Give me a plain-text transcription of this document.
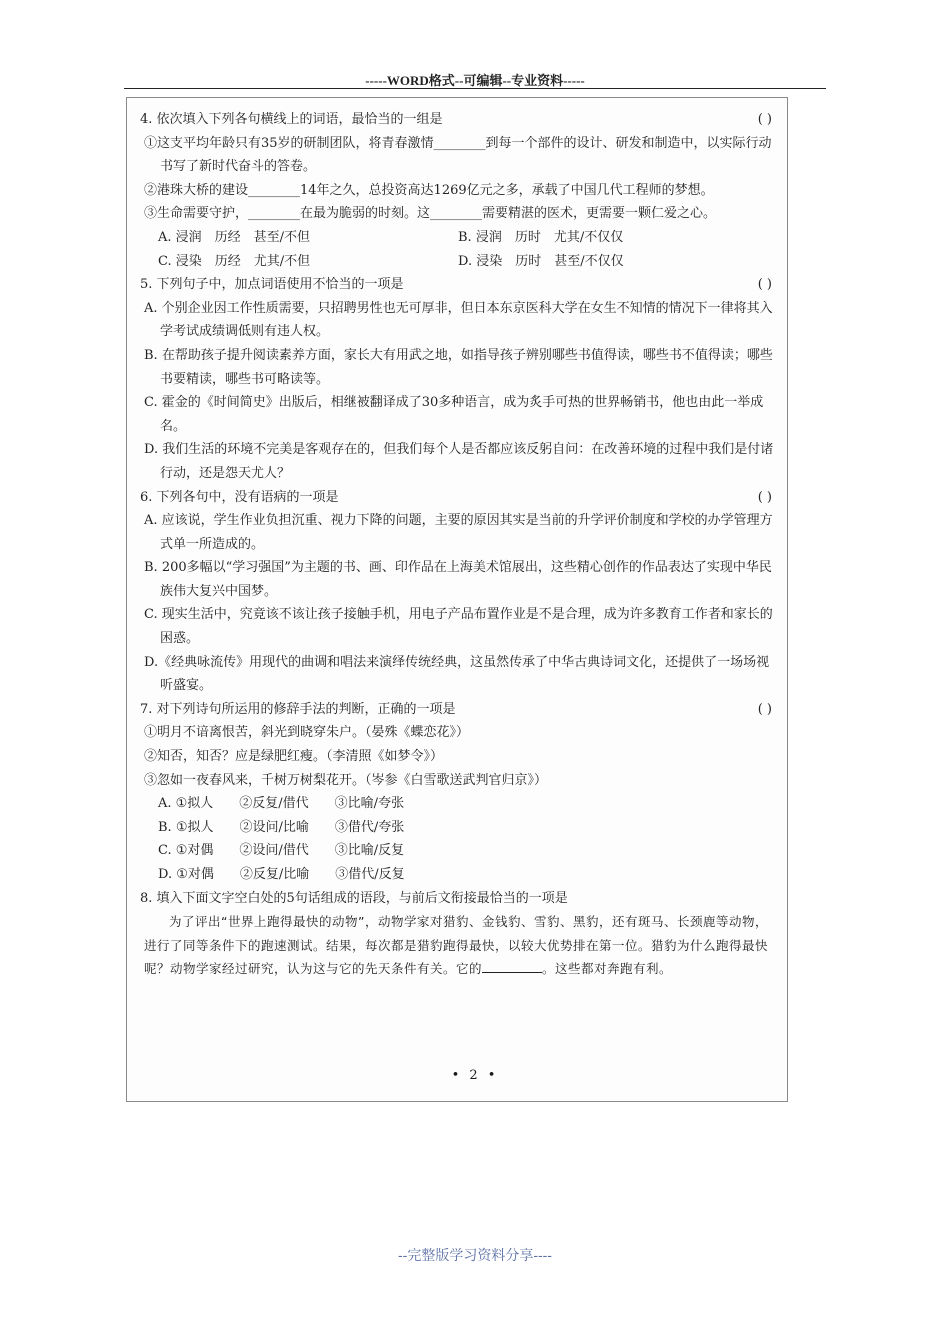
-----WORD格式--可编辑--专业资料-----
4. 依次填入下列各句横线上的词语，最恰当的一组是	( )
①这支平均年龄只有35岁的研制团队，将青春激情________到每一个部件的设计、研发和制造中，以实际行动书写了新时代奋斗的答卷。
②港珠大桥的建设________14年之久，总投资高达1269亿元之多，承载了中国几代工程师的梦想。
③生命需要守护，________在最为脆弱的时刻。这________需要精湛的医术，更需要一颗仁爱之心。
A. 浸润　历经　甚至/不但	B. 浸润　历时　尤其/不仅仅
C. 浸染　历经　尤其/不但	D. 浸染　历时　甚至/不仅仅
5. 下列句子中，加点词语使用不恰当的一项是	( )
A. 个别企业因工作性质需要，只招聘男性也无可厚非，但日本东京医科大学在女生不知情的情况下一律将其入学考试成绩调低则有违人权。
B. 在帮助孩子提升阅读素养方面，家长大有用武之地，如指导孩子辨别哪些书值得读，哪些书不值得读；哪些书要精读，哪些书可略读等。
C. 霍金的《时间简史》出版后，相继被翻译成了30多种语言，成为炙手可热的世界畅销书，他也由此一举成名。
D. 我们生活的环境不完美是客观存在的，但我们每个人是否都应该反躬自问：在改善环境的过程中我们是付诸行动，还是怨天尤人？
6. 下列各句中，没有语病的一项是	( )
A. 应该说，学生作业负担沉重、视力下降的问题，主要的原因其实是当前的升学评价制度和学校的办学管理方式单一所造成的。
B. 200多幅以“学习强国”为主题的书、画、印作品在上海美术馆展出，这些精心创作的作品表达了实现中华民族伟大复兴中国梦。
C. 现实生活中，究竟该不该让孩子接触手机，用电子产品布置作业是不是合理，成为许多教育工作者和家长的困惑。
D.《经典咏流传》用现代的曲调和唱法来演绎传统经典，这虽然传承了中华古典诗词文化，还提供了一场场视听盛宴。
7. 对下列诗句所运用的修辞手法的判断，正确的一项是	( )
①明月不谙离恨苦，斜光到晓穿朱户。（晏殊《蝶恋花》）
②知否，知否？应是绿肥红瘦。（李清照《如梦令》）
③忽如一夜春风来，千树万树梨花开。（岑参《白雪歌送武判官归京》）
A. ①拟人　　②反复/借代　　③比喻/夸张
B. ①拟人　　②设问/比喻　　③借代/夸张
C. ①对偶　　②设问/借代　　③比喻/反复
D. ①对偶　　②反复/比喻　　③借代/反复
8. 填入下面文字空白处的5句话组成的语段，与前后文衔接最恰当的一项是
为了评出“世界上跑得最快的动物”，动物学家对猎豹、金钱豹、雪豹、黑豹，还有斑马、长颈鹿等动物，进行了同等条件下的跑速测试。结果，每次都是猎豹跑得最快，以较大优势排在第一位。猎豹为什么跑得最快呢？动物学家经过研究，认为这与它的先天条件有关。它的	。这些都对奔跑有利。
• 2 •
--完整版学习资料分享----
